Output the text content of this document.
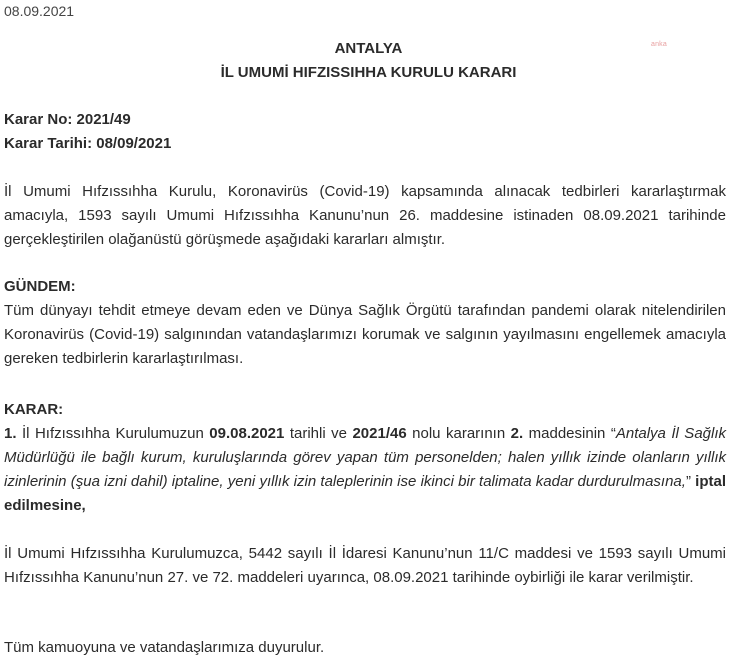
08.09.2021
anka
ANTALYA
İL UMUMİ HIFZISSIHHA KURULU KARARI
Karar No: 2021/49
Karar Tarihi: 08/09/2021
İl Umumi Hıfzıssıhha Kurulu, Koronavirüs (Covid-19) kapsamında alınacak tedbirleri kararlaştırmak amacıyla, 1593 sayılı Umumi Hıfzıssıhha Kanunu’nun 26. maddesine istinaden 08.09.2021 tarihinde gerçekleştirilen olağanüstü görüşmede aşağıdaki kararları almıştır.
GÜNDEM:
Tüm dünyayı tehdit etmeye devam eden ve Dünya Sağlık Örgütü tarafından pandemi olarak nitelendirilen Koronavirüs (Covid-19) salgınından vatandaşlarımızı korumak ve salgının yayılmasını engellemek amacıyla gereken tedbirlerin kararlaştırılması.
KARAR:
1. İl Hıfzıssıhha Kurulumuzun 09.08.2021 tarihli ve 2021/46 nolu kararının 2. maddesinin “Antalya İl Sağlık Müdürlüğü ile bağlı kurum, kuruluşlarında görev yapan tüm personelden; halen yıllık izinde olanların yıllık izinlerinin (şua izni dahil) iptaline, yeni yıllık izin taleplerinin ise ikinci bir talimata kadar durdurulmasına,” iptal edilmesine,
İl Umumi Hıfzıssıhha Kurulumuzca, 5442 sayılı İl İdaresi Kanunu’nun 11/C maddesi ve 1593 sayılı Umumi Hıfzıssıhha Kanunu’nun 27. ve 72. maddeleri uyarınca, 08.09.2021 tarihinde oybirliği ile karar verilmiştir.
Tüm kamuoyuna ve vatandaşlarımıza duyurulur.
